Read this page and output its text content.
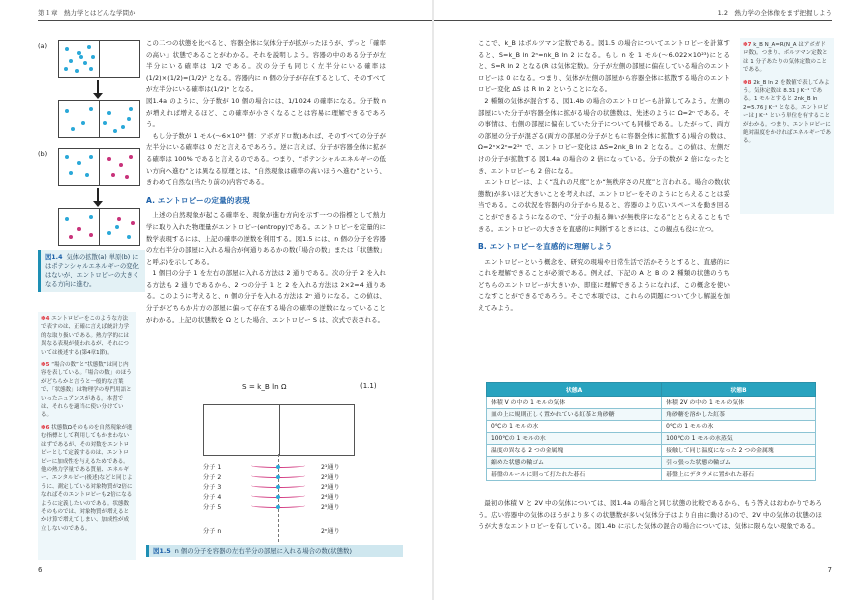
第１章　熱力学とはどんな学問か
(a)
(b)
図1.4 気体の拡散(a) 単原(b) にはポテンシャルエネルギーの変化はないが、エントロピーの大きくなる方向に進む。
✽4 エントロピーをこのような方法で表すのは、正確に言えば統計力学的な取り扱いである。熱力学的には異なる表現が使われるが、それについては後述する(第4章1節)。
✽5 “場合の数”と“状態数”は同じ内容を表している。「場合の数」のほうがどちらかと言うと一般的な言葉で、「状態数」は物理学の専門用語といったニュアンスがある。本書では、それらを適当に使い分けている。
✽6 状態数Ωそのものを自然現象が進む指標として利用してもかまわないはずであるが、その対数をエントロピーとして定義するのは、エントロピーに加成性を与えるためである。他の熱力学量である質量、エネルギー、エンタルピー(後述)などと同じように、測定している対象物質が2倍になればそのエントロピーも2倍になるように定義したいのである。状態数そのものでは、対象物質が増えるとかけ算で増えてしまい、加成性が成立しないのである。

この二つの状態を比べると、容器全体に気体分子が拡がったほうが、ずっと「確率の高い」状態であることがわかる。それを説明しよう。容器の中のある分子が左半分にいる確率は 1/2 である。次の分子も同じく左半分にいる確率は(1/2)×(1/2)=(1/2)² となる。容器内に n 個の分子が存在するとして、そのすべてが左半分にいる確率は(1/2)ⁿ となる。

図1.4a のように、分子数が 10 個の場合には、1/1024 の確率になる。分子数 n が増えれば増えるほど、この確率が小さくなることは容易に理解できるであろう。

もし分子数が 1 モル(〜6×10²³ 個：アボガドロ数)あれば、そのすべての分子が左半分にいる確率は 0 だと言えるであろう。逆に言えば、分子が容器全体に拡がる確率は 100% であると言えるのである。つまり、“ポテンシャルエネルギーの低い方向へ進む”とは異なる原理とは、“自然現象は確率の高いほうへ進む”という、きわめて自然な(当たり前の)内容である。

A. エントロピーの定量的表現

上述の自然現象が起こる確率を、現象が進む方向を示す一つの指標として熱力学に取り入れた物理量がエントロピー(entropy)である。エントロピーを定量的に数学表現するには、上記の確率の逆数を利用する。図1.5 には、n 個の分子を容器の左右半分の部屋に入れる場合が何通りあるかの数(「場合の数」または「状態数」と呼ぶ)を示してある。

1 個目の分子 1 を左右の部屋に入れる方法は 2 通りである。次の分子 2 を入れる方法も 2 通りであるから、2 つの分子 1 と 2 を入れる方法は 2×2=4 通りある。このように考えると、n 個の分子を入れる方法は 2ⁿ 通りになる。この値は、分子がどちらか片方の部屋に偏って存在する場合の確率の逆数になっていることがわかる。上記の状態数を Ω とした場合、エントロピー S は、次式で表される。

S = k_B ln Ω	(1.1)
分子 1	2¹通り
分子 2	2²通り
分子 3	2³通り
分子 4	2⁴通り
分子 5	2⁵通り
分子 n	2ⁿ通り
図1.5 n 個の分子を容器の左右半分の部屋に入れる場合の数(状態数)
6
1.2　熱力学の全体像をまず把握しよう

ここで、k_B はボルツマン定数である。図1.5 の場合についてエントロピーを計算すると、S=k_B ln 2ⁿ=nk_B ln 2 になる。もし n を 1 モル(〜6.022×10²³)にとると、S=R ln 2 となる(R は気体定数)。分子が左側の部屋に偏在している場合のエントロピーは 0 になる。つまり、気体が左側の部屋から容器全体に拡散する場合のエントロピー変化 ΔS は R ln 2 ということになる。

2 種類の気体が混合する、図1.4b の場合のエントロピーも計算してみよう。左側の部屋にいた分子が容器全体に拡がる場合の状態数は、先述のように Ω=2ⁿ である。その事情は、右側の部屋に偏在していた分子についても同様である。したがって、両方の部屋の分子が混ざる(両方の部屋の分子がともに容器全体に拡散する)場合の数は、Ω=2ⁿ×2ⁿ=2²ⁿ で、エントロピー変化は ΔS=2nk_B ln 2 となる。この値は、左側だけの分子が拡散する 図1.4a の場合の 2 倍になっている。分子の数が 2 倍になったとき、エントロピーも 2 倍になる。

エントロピーは、よく“乱れの尺度”とか“無秩序さの尺度”と言われる。場合の数(状態数)が多いほど大きいことを考えれば、エントロピーをそのようにとらえることは妥当である。この状況を容器内の分子から見ると、容器のより広いスペースを動き回ることができるようになるので、“分子の振る舞いが無秩序になる”ととらえることもできる。エントロピーの大きさを直感的に判断するときには、この観点も役に立つ。

B. エントロピーを直感的に理解しよう

エントロピーという概念を、研究の現場や日常生活で活かそうとすると、直感的にこれを理解できることが必須である。例えば、下記の A と B の 2 種類の状態のうちどちらのエントロピーが大きいか、即座に理解できるようになれば、この概念を使いこなすことができるであろう。そこで本項では、これらの問題について少し解説を加えてみよう。

状態A	状態B
体積 V の中の 1 モルの気体	体積 2V の中の 1 モルの気体
皿の上に規則正しく置かれている紅茶と角砂糖	角砂糖を溶かした紅茶
0℃の 1 モルの水	0℃の 1 モルの氷
100℃の 1 モルの水	100℃の 1 モルの水蒸気
温度の異なる 2 つの金属塊	接触して同じ温度になった 2 つの金属塊
縮めた状態の輪ゴム	引っ張った状態の輪ゴム
碁盤のルールに則って打たれた碁石	碁盤上にデタラメに置かれた碁石

最初の体積 V と 2V 中の気体については、図1.4a の場合と同じ状態の比較であるから、もう答えはおわかりであろう。広い容器中の気体のほうがより多くの状態数が多い(気体分子はより自由に動ける)ので、2V 中の気体の状態のほうが大きなエントロピーを有している。図1.4b に示した気体の混合の場合については、気体に限らない現象である。

✽7 k_B N_A=R(N_A はアボガドロ数)。つまり、ボルツマン定数とは 1 分子あたりの気体定数のことである。
✽8 2k_B ln 2 を数値で表してみよう。気体定数は 8.31 J K⁻¹ である。1 モルとすると 2nk_B ln 2=5.76 J K⁻¹ となる。エントロピーは J K⁻¹ という単位を有することがわかる。つまり、エントロピーに絶対温度をかければエネルギーである。
7
